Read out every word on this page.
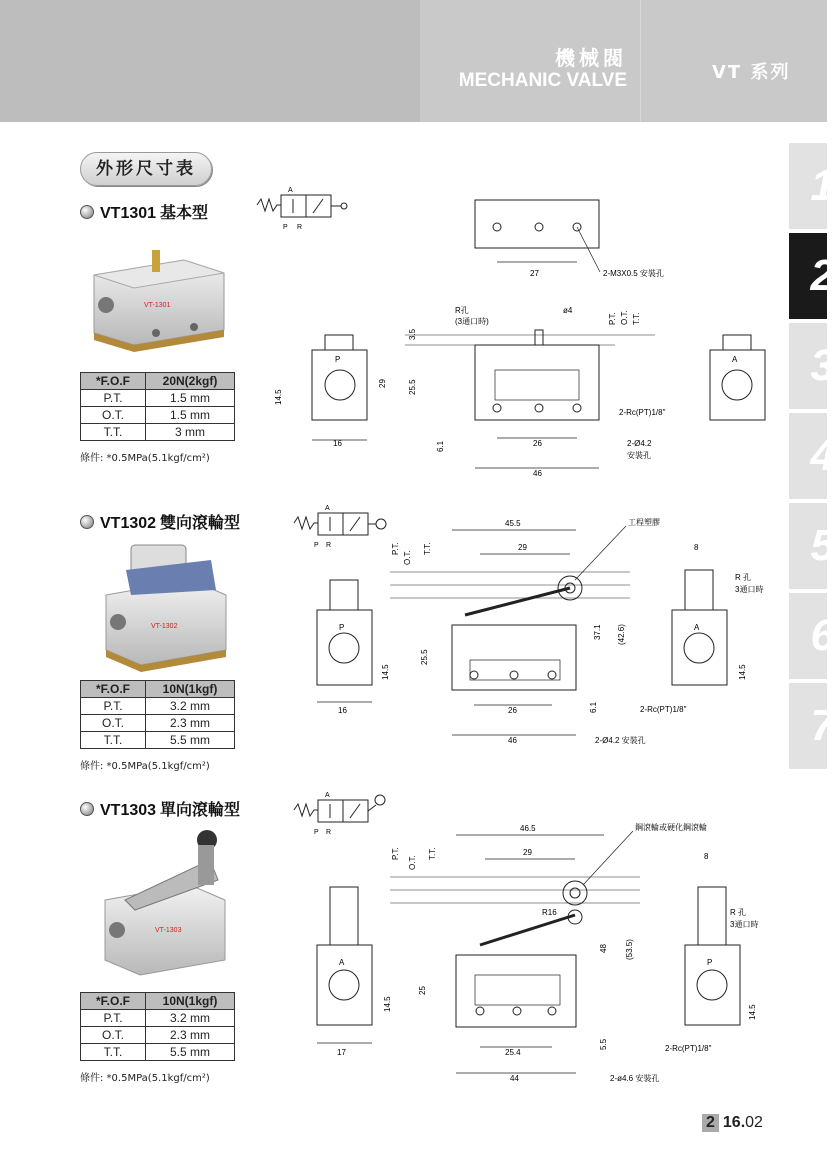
機械閥
MECHANIC VALVE	VT 系列
外形尺寸表	1
2
3
4
5
6
7
VT1301 基本型
VT-1301
*F.O.F	20N(2kgf)
P.T.	1.5 mm
O.T.	1.5 mm
T.T.	3 mm
條件: *0.5MPa(5.1kgf/cm²)
A
P R
27	2-M3X0.5 安裝孔
R孔
(3通口時)
ø4
P.T. O.T. T.T.
3.5
29	25.5
6.1	26
46
2-Rc(PT)1/8"
2-Ø4.2
安裝孔
P
14.5
16
A
VT1302 雙向滾輪型
VT-1302
*F.O.F	10N(1kgf)
P.T.	3.2 mm
O.T.	2.3 mm
T.T.	5.5 mm
條件: *0.5MPa(5.1kgf/cm²)
A
P R
45.5
29
工程塑膠
P.T.
O.T.
T.T.
37.1 (42.6)
25.5
14.5
6.1
26
46	2-Ø4.2 安裝孔
2-Rc(PT)1/8"
P
16
A
8
R 孔
3通口時
14.5
VT1303 單向滾輪型
VT-1303
*F.O.F	10N(1kgf)
P.T.	3.2 mm
O.T.	2.3 mm
T.T.	5.5 mm
條件: *0.5MPa(5.1kgf/cm²)
A
P R	46.5
29
鋼滾輪或硬化鋼滾輪
R16
P.T.
O.T.
T.T.
48 (53.5)
25
14.5
5.5
25.4
44	2-ø4.6 安裝孔
2-Rc(PT)1/8"
A
17
P
8
R 孔
3通口時
14.5
2 16.02
